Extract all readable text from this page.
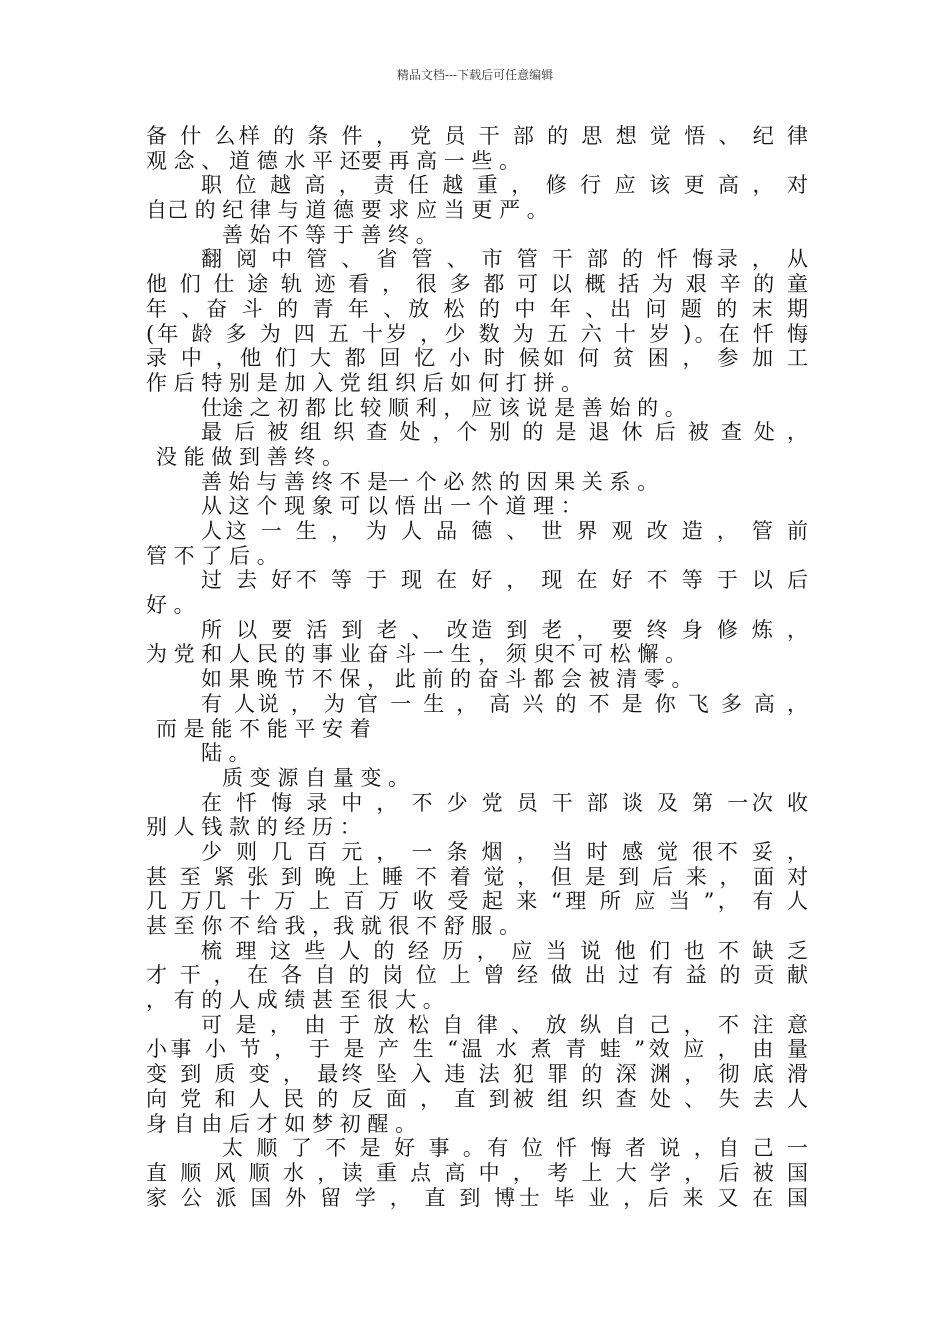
精品文档---下载后可任意编辑
备 什 么样 的 条 件 ， 党 员 干 部 的 思 想 觉 悟 、 纪 律
观 念 、 道 德 水 平 还要 再 高 一 些 。
职 位 越 高 ， 责 任 越 重 ， 修 行 应 该 更 高 ， 对
自己 的 纪 律 与 道 德 要 求 应 当 更 严 。
善 始 不 等 于 善 终 。
翻 阅 中 管 、 省 管 、 市 管 干 部 的 忏 悔录 ， 从
他 们 仕 途 轨 迹 看 ， 很 多 都 可 以 概 括 为 艰 辛 的 童
年 、奋 斗 的 青 年 、放 松 的 中 年 、出 问 题 的 末 期
(年 龄 多 为 四 五 十岁 ，少 数 为 五 六 十 岁 )。在 忏 悔
录 中 ，他 们 大 都 回 忆 小 时 候如 何 贫 困 ， 参 加 工
作 后 特 别 是 加 入 党 组 织 后 如 何 打 拼 。
仕途 之 初 都 比 较 顺 利 ， 应 该 说 是 善 始 的 。
最 后 被 组 织 查 处 ，个 别 的 是 退 休 后 被 查 处 ，
没 能 做 到 善 终 。
善 始 与 善 终 不 是一 个 必 然 的 因 果 关 系 。
从 这 个 现 象 可 以 悟 出 一 个 道 理 ：
人这 一 生 ， 为 人 品 德 、 世 界 观 改 造 ， 管 前
管 不 了 后 。
过 去 好不 等 于 现 在 好 ， 现 在 好 不 等 于 以 后
好 。
所 以 要 活 到 老 、 改造 到 老 ， 要 终 身 修 炼 ，
为 党 和 人 民 的 事 业 奋 斗 一 生 ， 须 臾不 可 松 懈 。
如 果 晚 节 不 保 ， 此 前 的 奋 斗 都 会 被 清 零 。
有 人说 ， 为 官 一 生 ， 高 兴 的 不 是 你 飞 多 高 ，
而 是 能 不 能 平 安 着
陆 。
质 变 源 自 量 变 。
在 忏 悔 录 中 ， 不 少 党 员 干 部 谈 及 第 一次 收
别 人 钱 款 的 经 历 ：
少 则 几 百 元 ， 一 条 烟 ， 当 时 感 觉 很不 妥 ，
甚 至 紧 张 到 晚 上 睡 不 着 觉 ， 但 是 到 后 来 ， 面 对
几 万几 十 万 上 百 万 收 受 起 来 “理 所 应 当 ”， 有 人
甚 至 你 不 给 我 ，我 就 很 不 舒 服 。
梳 理 这 些 人 的 经 历 ， 应 当 说 他 们 也 不 缺 乏
才 干 ， 在 各 自 的 岗 位 上 曾 经 做 出 过 有 益 的 贡 献
， 有 的 人 成 绩 甚 至 很 大 。
可 是 ， 由 于 放 松 自 律 、 放 纵 自 己 ， 不 注 意
小事 小 节 ， 于 是 产 生 “温 水 煮 青 蛙 ”效 应 ， 由 量
变 到 质 变 ， 最终 坠 入 违 法 犯 罪 的 深 渊 ， 彻 底 滑
向 党 和 人 民 的 反 面 ， 直 到被 组 织 查 处 、 失 去 人
身 自 由 后 才 如 梦 初 醒 。
太 顺 了 不 是 好 事 。有 位 忏 悔 者 说 ，自 己 一
直 顺 风 顺 水 ，读 重 点 高 中 ， 考 上 大 学 ， 后 被 国
家 公 派 国 外 留 学 ， 直 到 博士 毕 业 ，后 来 又 在 国
